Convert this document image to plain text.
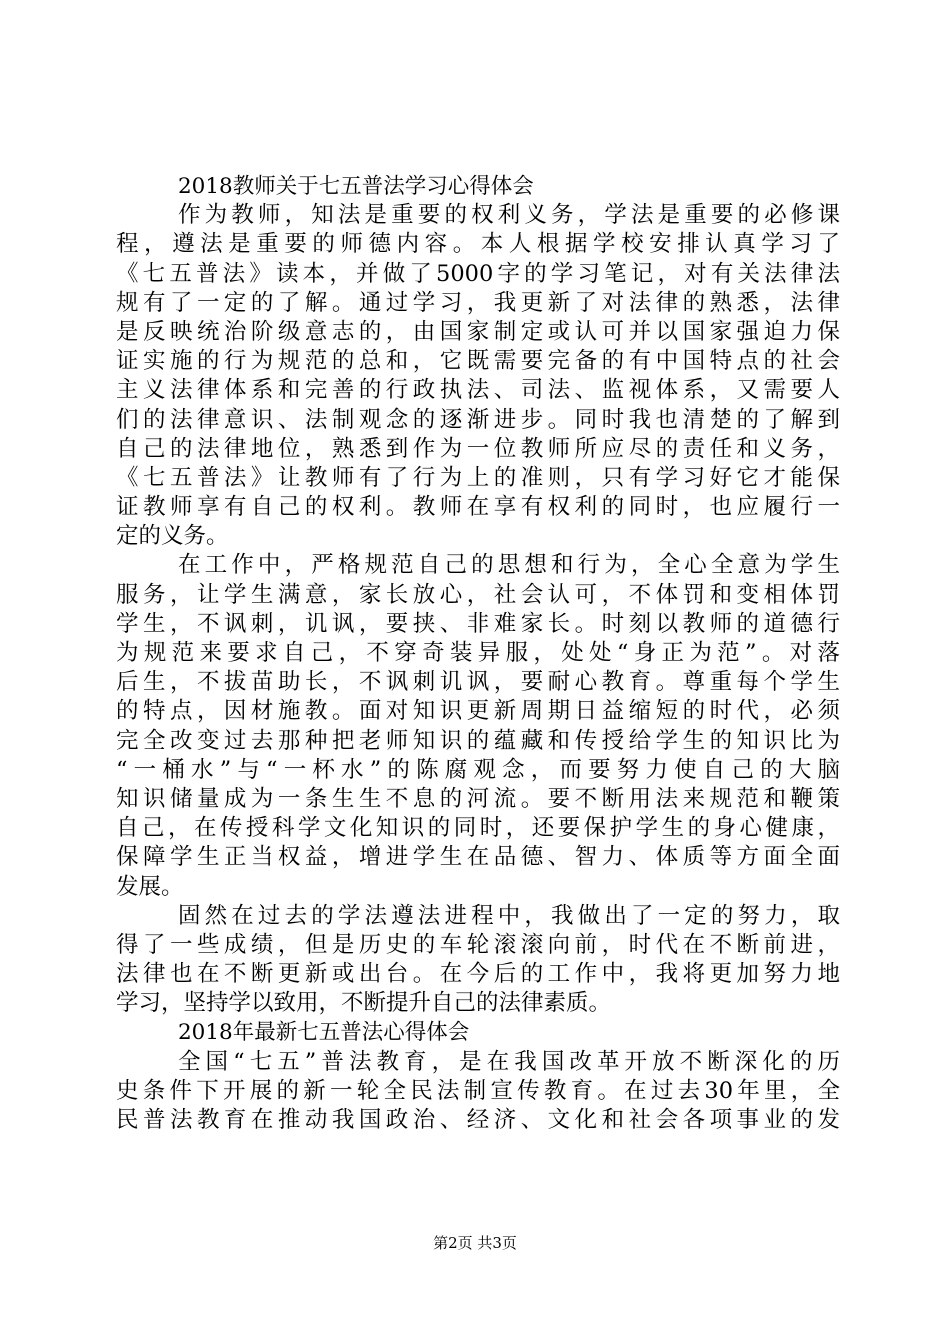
2018教师关于七五普法学习心得体会
作为教师，知法是重要的权利义务，学法是重要的必修课
程，遵法是重要的师德内容。本人根据学校安排认真学习了
《七五普法》读本，并做了5000字的学习笔记，对有关法律法
规有了一定的了解。通过学习，我更新了对法律的熟悉，法律
是反映统治阶级意志的，由国家制定或认可并以国家强迫力保
证实施的行为规范的总和，它既需要完备的有中国特点的社会
主义法律体系和完善的行政执法、司法、监视体系，又需要人
们的法律意识、法制观念的逐渐进步。同时我也清楚的了解到
自己的法律地位，熟悉到作为一位教师所应尽的责任和义务，
《七五普法》让教师有了行为上的准则，只有学习好它才能保
证教师享有自己的权利。教师在享有权利的同时，也应履行一
定的义务。
在工作中，严格规范自己的思想和行为，全心全意为学生
服务，让学生满意，家长放心，社会认可，不体罚和变相体罚
学生，不讽刺，讥讽，要挟、非难家长。时刻以教师的道德行
为规范来要求自己，不穿奇装异服，处处“身正为范”。对落
后生，不拔苗助长，不讽刺讥讽，要耐心教育。尊重每个学生
的特点，因材施教。面对知识更新周期日益缩短的时代，必须
完全改变过去那种把老师知识的蕴藏和传授给学生的知识比为
“一桶水”与“一杯水”的陈腐观念，而要努力使自己的大脑
知识储量成为一条生生不息的河流。要不断用法来规范和鞭策
自己，在传授科学文化知识的同时，还要保护学生的身心健康，
保障学生正当权益，增进学生在品德、智力、体质等方面全面
发展。
固然在过去的学法遵法进程中，我做出了一定的努力，取
得了一些成绩，但是历史的车轮滚滚向前，时代在不断前进，
法律也在不断更新或出台。在今后的工作中，我将更加努力地
学习，坚持学以致用，不断提升自己的法律素质。
2018年最新七五普法心得体会
全国“七五”普法教育，是在我国改革开放不断深化的历
史条件下开展的新一轮全民法制宣传教育。在过去30年里，全
民普法教育在推动我国政治、经济、文化和社会各项事业的发
第2页 共3页
